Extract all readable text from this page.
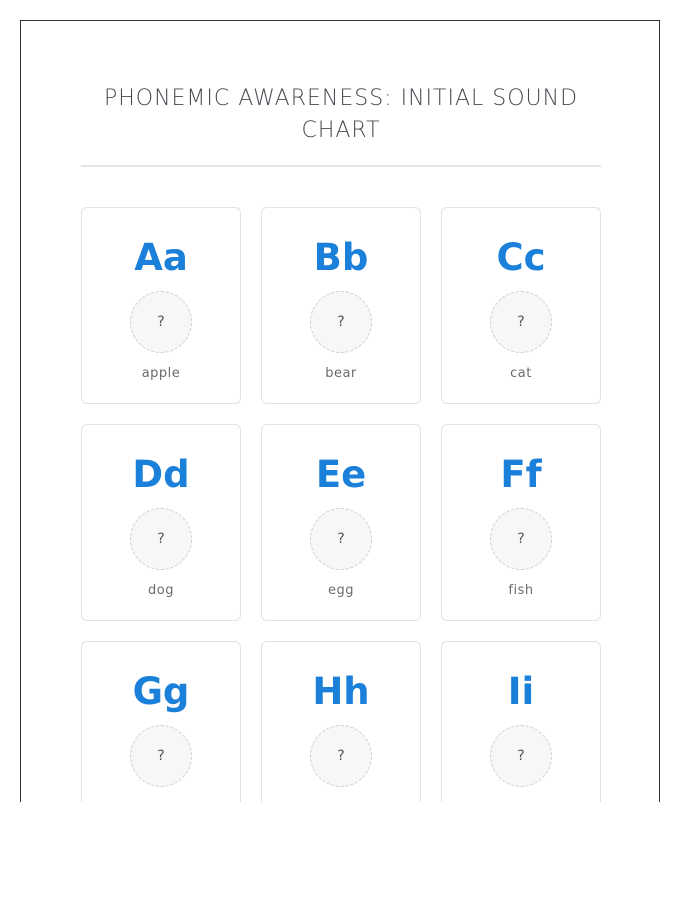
PHONEMIC AWARENESS: INITIAL SOUND CHART
Aa
?
apple
Bb
?
bear
Cc
?
cat
Dd
?
dog
Ee
?
egg
Ff
?
fish
Gg
?
Hh
?
Ii
?
